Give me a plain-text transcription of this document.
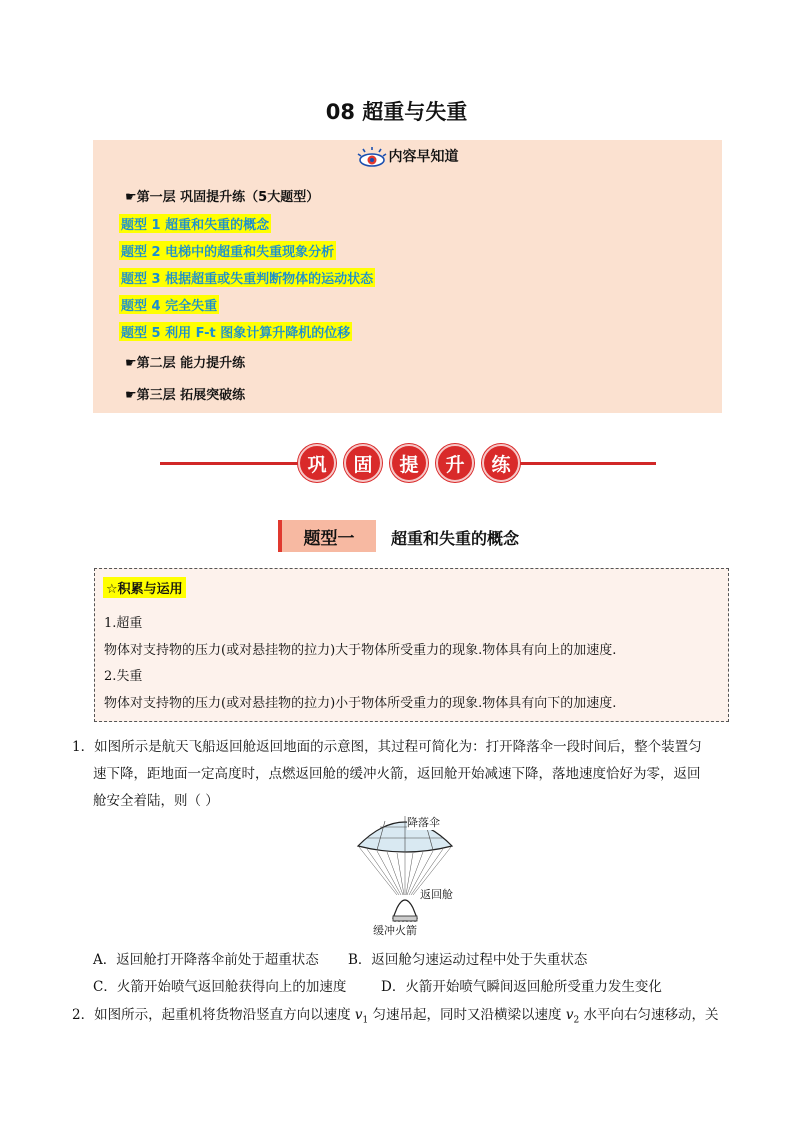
08 超重与失重
内容早知道
☛第一层 巩固提升练（5大题型）
题型 1 超重和失重的概念
题型 2 电梯中的超重和失重现象分析
题型 3 根据超重或失重判断物体的运动状态
题型 4 完全失重
题型 5 利用 F-t 图象计算升降机的位移
☛第二层 能力提升练
☛第三层 拓展突破练
巩	固	提	升	练
题型一	超重和失重的概念
☆积累与运用
1.超重
物体对支持物的压力(或对悬挂物的拉力)大于物体所受重力的现象.物体具有向上的加速度.
2.失重
物体对支持物的压力(或对悬挂物的拉力)小于物体所受重力的现象.物体具有向下的加速度.
1．如图所示是航天飞船返回舱返回地面的示意图，其过程可简化为：打开降落伞一段时间后，整个装置匀
速下降，距地面一定高度时，点燃返回舱的缓冲火箭，返回舱开始减速下降，落地速度恰好为零，返回
舱安全着陆，则（ ）
降落伞
返回舱
缓冲火箭
A．返回舱打开降落伞前处于超重状态 B．返回舱匀速运动过程中处于失重状态
C．火箭开始喷气返回舱获得向上的加速度	D．火箭开始喷气瞬间返回舱所受重力发生变化
2．如图所示，起重机将货物沿竖直方向以速度 $v_1$ 匀速吊起，同时又沿横梁以速度 $v_2$ 水平向右匀速移动，关
